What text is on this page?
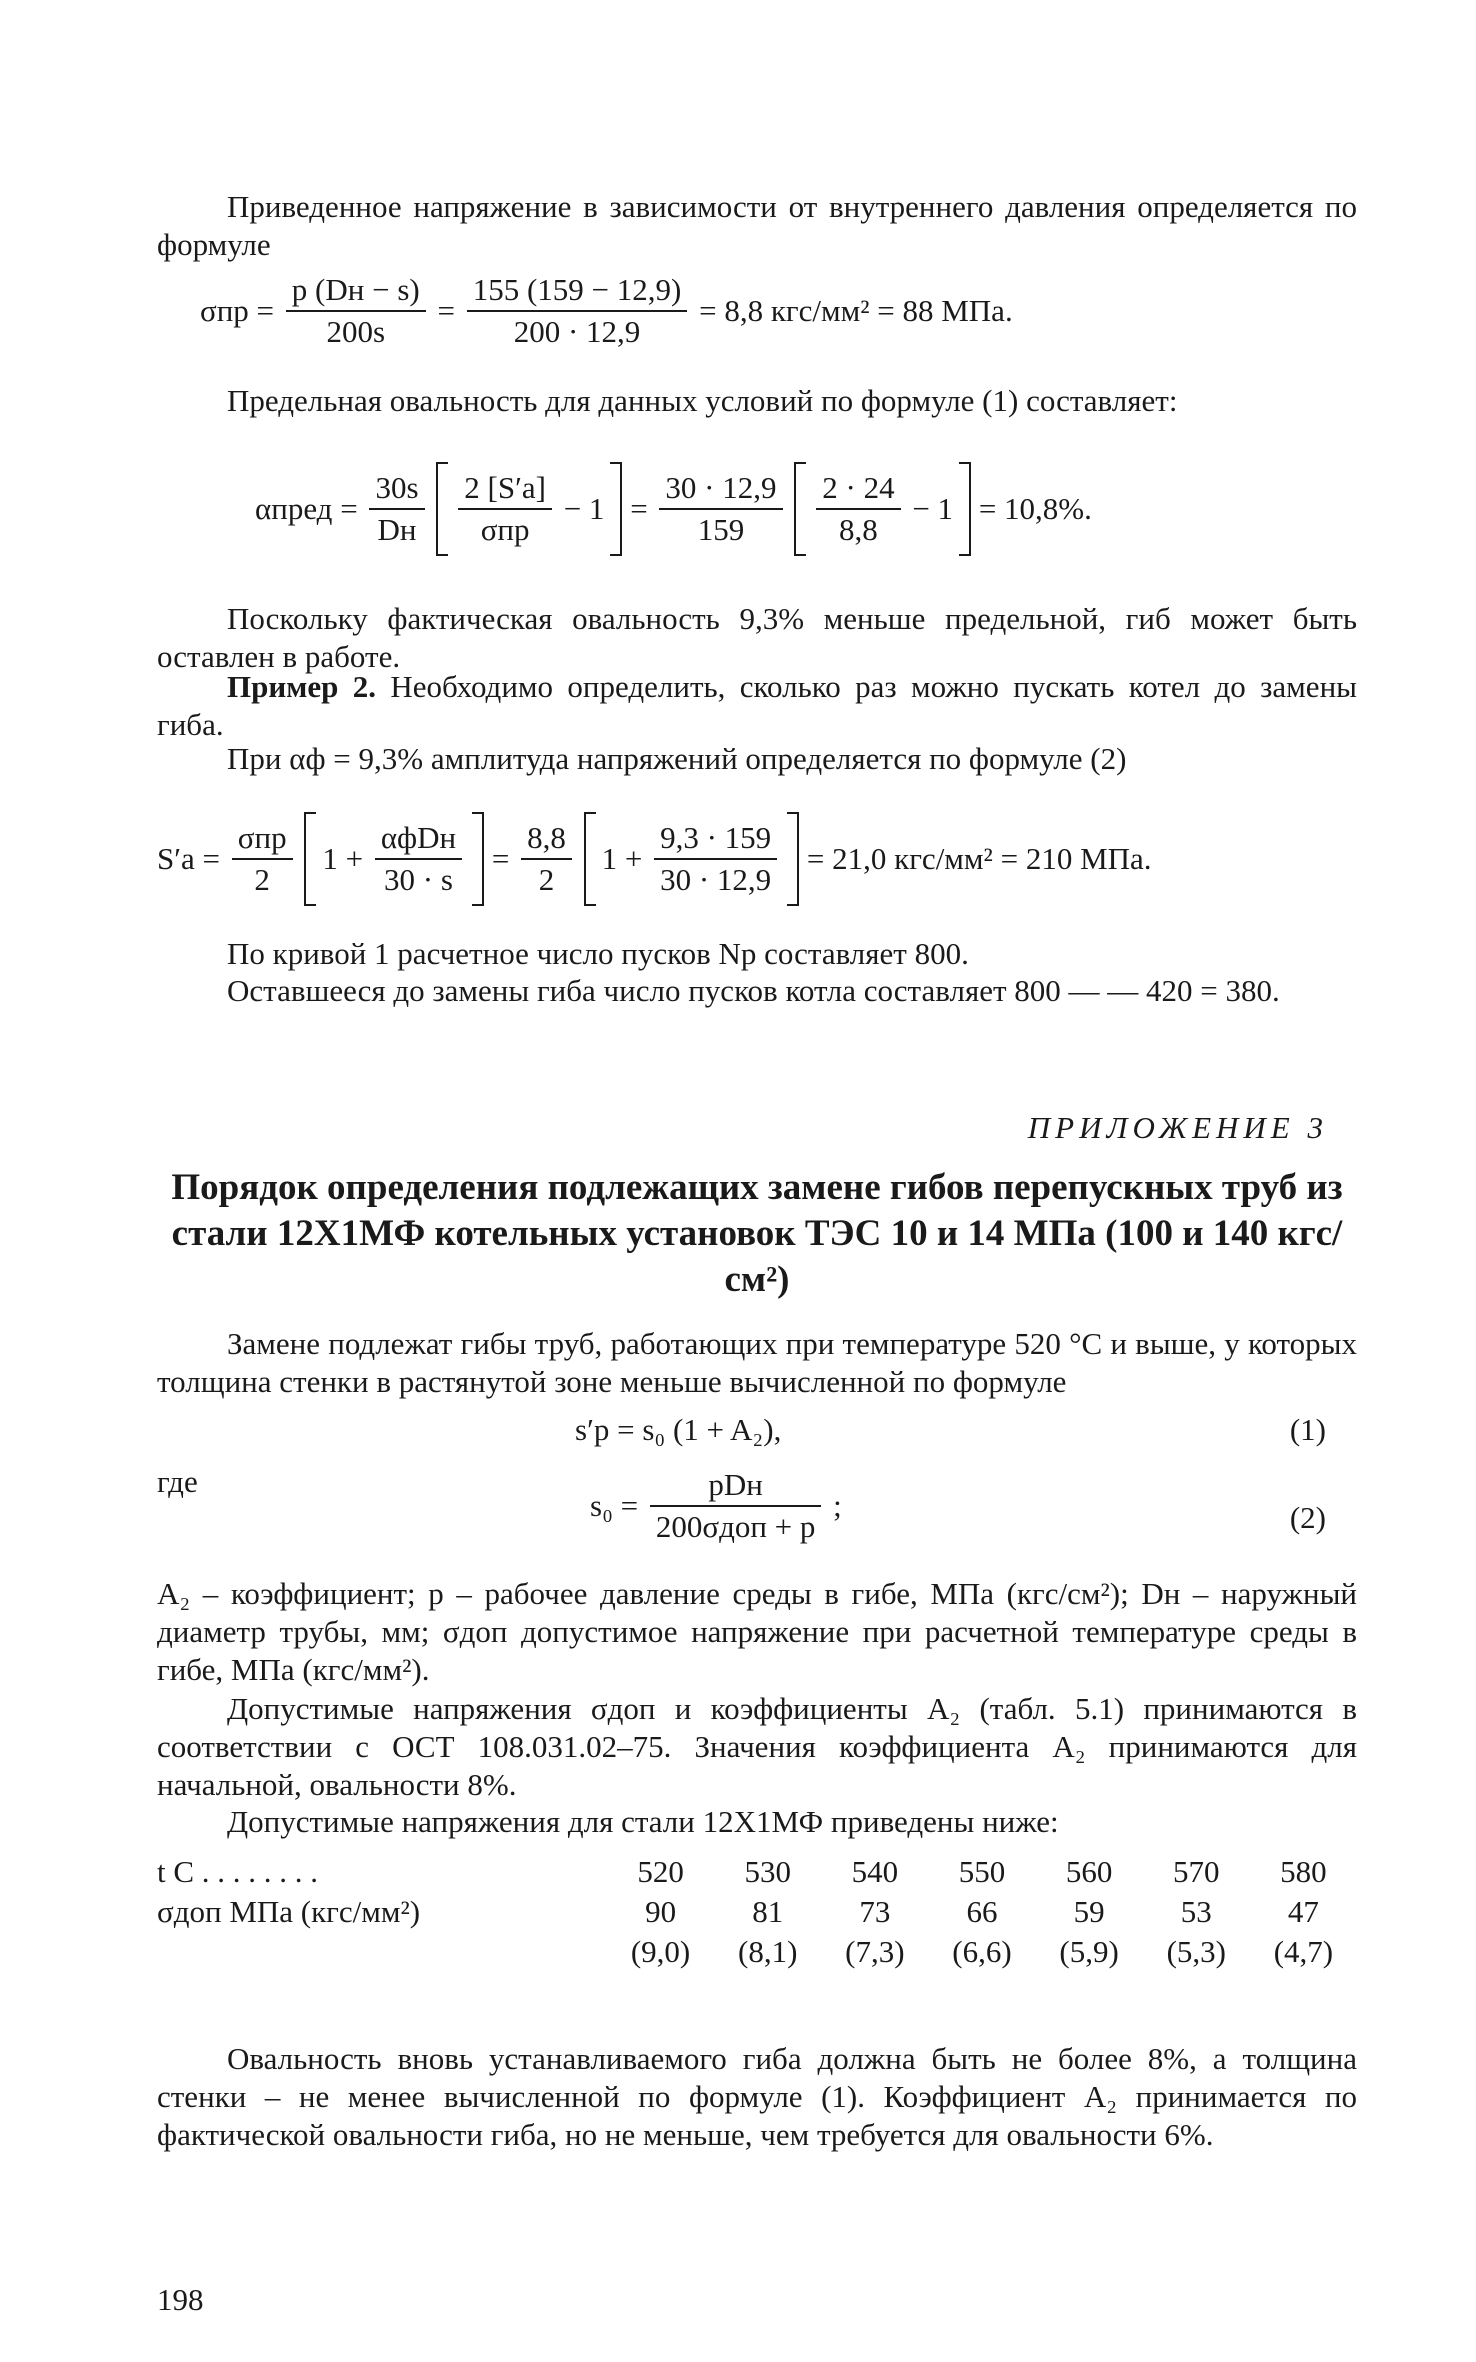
Приведенное напряжение в зависимости от внутреннего давления определяется по формуле

$\sigma пр = \frac{p (Dн - s)}{200s} = \frac{155 (159 - 12,9)}{200 \cdot 12,9} = 8,8$ кгс/мм² = 88 МПа.

Предельная овальность для данных условий по формуле (1) составляет:

αпред = $\frac{30s}{Dн}$
$\frac{2 [S'a]}{\text{σпр}} - 1 = \frac{30 \cdot 12,9}{159}$
$\frac{2 \cdot 24}{8,8} - 1 = 10,8\%$.

Поскольку фактическая овальность 9,3% меньше предельной, гиб может быть оставлен в работе.

Пример 2. Необходимо определить, сколько раз можно пускать котел до замены гиба.

При αф = 9,3% амплитуда напряжений определяется по формуле (2)

$S'a = \frac{\text{σпр}}{2} 1 + \frac{\text{αфDн}}{30 \cdot s} = \frac{8,8}{2} 1 + \frac{9,3 \cdot 159}{30 \cdot 12,9} = 21,0$ кгс/мм² = 210 МПа.

По кривой 1 расчетное число пусков Nр составляет 800.

Оставшееся до замены гиба число пусков котла составляет 800 — — 420 = 380.

ПРИЛОЖЕНИЕ 3
Порядок определения подлежащих замене гибов перепускных труб из стали 12Х1МФ котельных установок ТЭС 10 и 14 МПа (100 и 140 кгс/см²)

Замене подлежат гибы труб, работающих при температуре 520 °C и выше, у которых толщина стенки в растянутой зоне меньше вычисленной по формуле

s′р = s₀ (1 + A₂),	(1)

где

$s_0 = \frac{\text{pDн}}{\text{200σдоп + p}}$ ;	(2)

A₂ – коэффициент; p – рабочее давление среды в гибе, МПа (кгс/см²); Dн – наружный диаметр трубы, мм; σдоп допустимое напряжение при расчетной температуре среды в гибе, МПа (кгс/мм²).

Допустимые напряжения σдоп и коэффициенты A₂ (табл. 5.1) принимаются в соответствии с ОСТ 108.031.02–75. Значения коэффициента A₂ принимаются для начальной, овальности 8%.

Допустимые напряжения для стали 12Х1МФ приведены ниже:

t C . . . . . . . .	520	530	540	550	560	570	580
σдоп МПа (кгс/мм²)	90	81	73	66	59	53	47
	(9,0)	(8,1)	(7,3)	(6,6)	(5,9)	(5,3)	(4,7)

Овальность вновь устанавливаемого гиба должна быть не более 8%, а толщина стенки – не менее вычисленной по формуле (1). Коэффициент A₂ принимается по фактической овальности гиба, но не меньше, чем требуется для овальности 6%.

198
